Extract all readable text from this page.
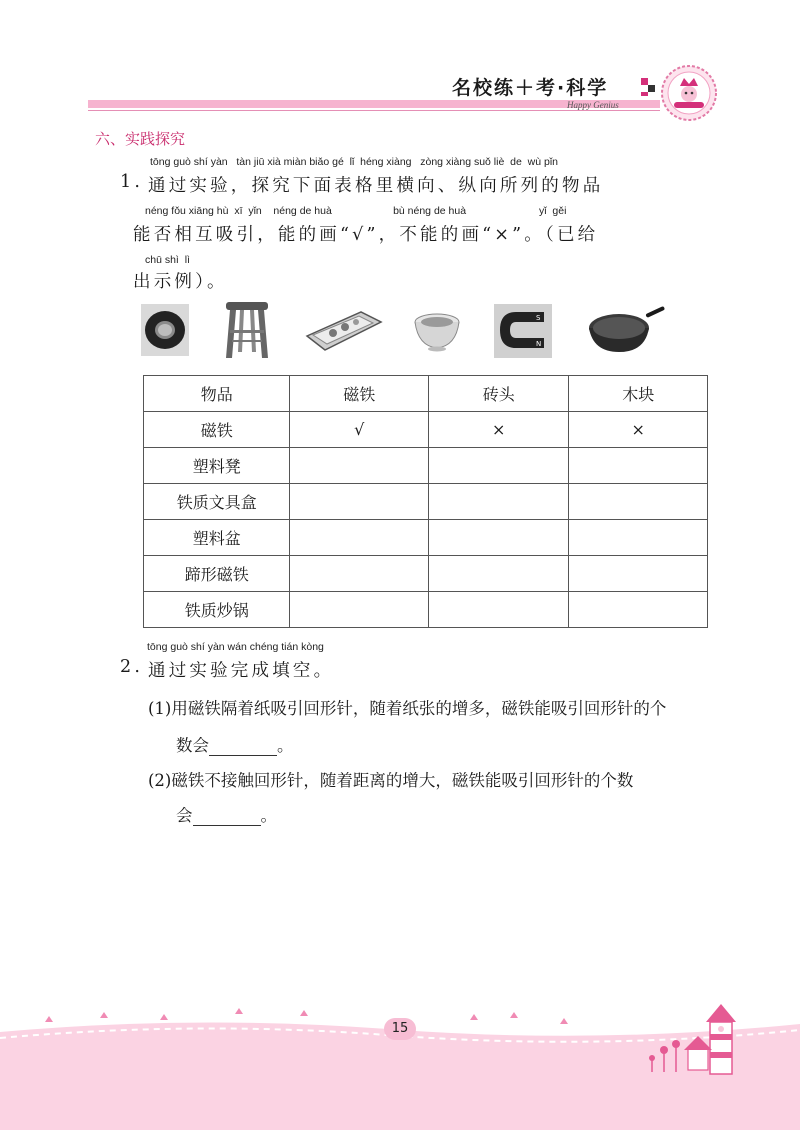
名校练＋考·科学
Happy Genius
六、实践探究
tōng guò shí yàn   tàn jiū xià miàn biǎo gé  lǐ  héng xiàng   zòng xiàng suǒ liè  de  wù pǐn
1. 通过实验，探究下面表格里横向、纵向所列的物品
néng fǒu xiāng hù  xī  yǐn    néng de huà                     bù néng de huà                         yǐ  gěi
能否相互吸引，能的画“√”，不能的画“×”。（已给
chū shì  lì
出示例）。
S
N
物品	磁铁	砖头	木块
磁铁	√	×	×
塑料凳			
铁质文具盒			
塑料盆			
蹄形磁铁			
铁质炒锅			
tōng guò shí yàn wán chéng tián kòng
2. 通过实验完成填空。
(1)用磁铁隔着纸吸引回形针，随着纸张的增多，磁铁能吸引回形针的个
数会	。
(2)磁铁不接触回形针，随着距离的增大，磁铁能吸引回形针的个数
会	。
15
